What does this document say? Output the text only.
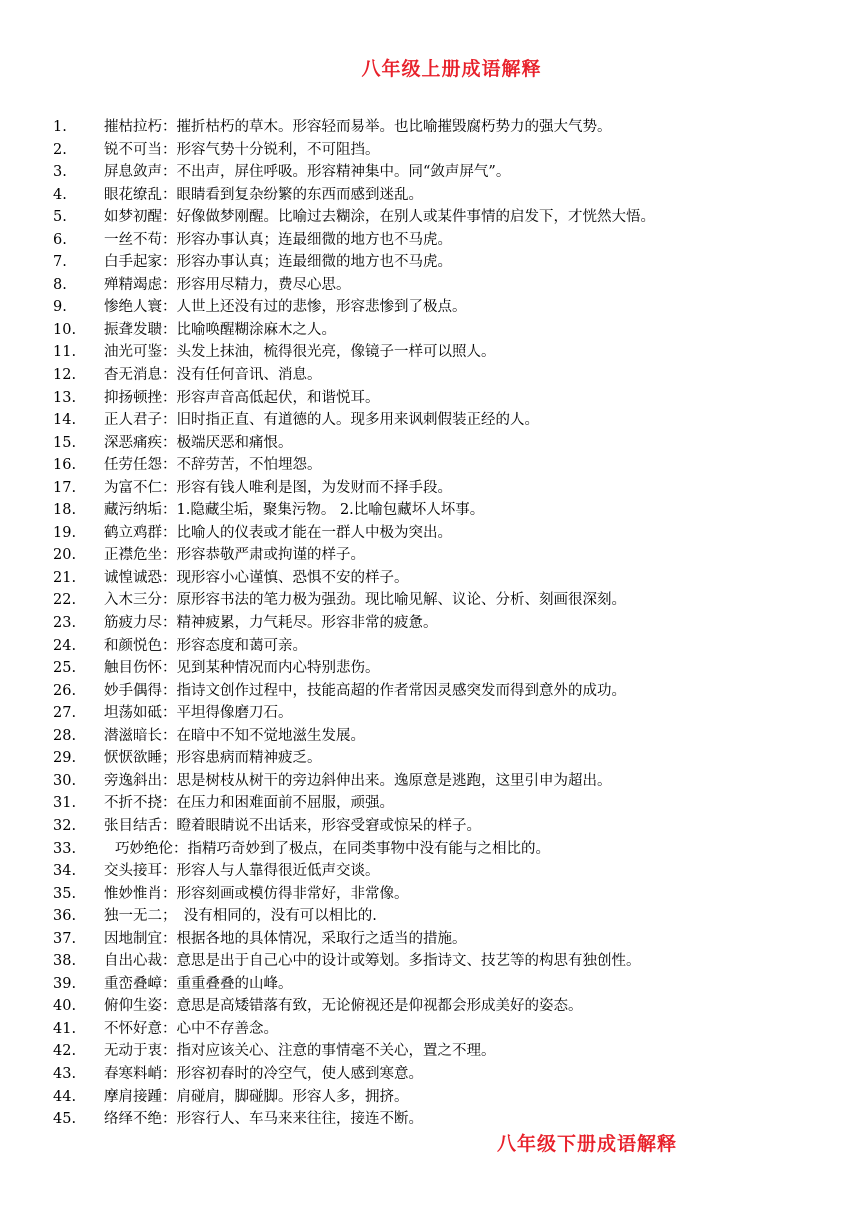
八年级上册成语解释
1.	摧枯拉朽：摧折枯朽的草木。形容轻而易举。也比喻摧毁腐朽势力的强大气势。
2.	锐不可当：形容气势十分锐利，不可阻挡。
3.	屏息敛声：不出声，屏住呼吸。形容精神集中。同“敛声屏气”。
4.	眼花缭乱：眼睛看到复杂纷繁的东西而感到迷乱。
5.	如梦初醒：好像做梦刚醒。比喻过去糊涂，在别人或某件事情的启发下，才恍然大悟。
6.	一丝不苟：形容办事认真；连最细微的地方也不马虎。
7.	白手起家：形容办事认真；连最细微的地方也不马虎。
8.	殚精竭虑：形容用尽精力，费尽心思。
9.	惨绝人寰：人世上还没有过的悲惨，形容悲惨到了极点。
10. 振聋发聩：比喻唤醒糊涂麻木之人。
11. 油光可鉴：头发上抹油，梳得很光亮，像镜子一样可以照人。
12. 杳无消息：没有任何音讯、消息。
13. 抑扬顿挫：形容声音高低起伏，和谐悦耳。
14. 正人君子：旧时指正直、有道德的人。现多用来讽刺假装正经的人。
15. 深恶痛疾：极端厌恶和痛恨。
16. 任劳任怨：不辞劳苦，不怕埋怨。
17. 为富不仁：形容有钱人唯利是图，为发财而不择手段。
18. 藏污纳垢：1.隐藏尘垢，聚集污物。 2.比喻包藏坏人坏事。
19. 鹤立鸡群：比喻人的仪表或才能在一群人中极为突出。
20. 正襟危坐：形容恭敬严肃或拘谨的样子。
21. 诚惶诚恐：现形容小心谨慎、恐惧不安的样子。
22. 入木三分：原形容书法的笔力极为强劲。现比喻见解、议论、分析、刻画很深刻。
23. 筋疲力尽：精神疲累，力气耗尽。形容非常的疲惫。
24. 和颜悦色：形容态度和蔼可亲。
25. 触目伤怀：见到某种情况而内心特别悲伤。
26. 妙手偶得：指诗文创作过程中，技能高超的作者常因灵感突发而得到意外的成功。
27. 坦荡如砥：平坦得像磨刀石。
28. 潜滋暗长：在暗中不知不觉地滋生发展。
29. 恹恹欲睡；形容患病而精神疲乏。
30. 旁逸斜出：思是树枝从树干的旁边斜伸出来。逸原意是逃跑，这里引申为超出。
31. 不折不挠：在压力和困难面前不屈服，顽强。
32. 张目结舌：瞪着眼睛说不出话来，形容受窘或惊呆的样子。
33.	巧妙绝伦：指精巧奇妙到了极点，在同类事物中没有能与之相比的。
34. 交头接耳：形容人与人靠得很近低声交谈。
35. 惟妙惟肖：形容刻画或模仿得非常好，非常像。
36. 独一无二；　没有相同的，没有可以相比的.
37. 因地制宜：根据各地的具体情况，采取行之适当的措施。
38. 自出心裁：意思是出于自己心中的设计或筹划。多指诗文、技艺等的构思有独创性。
39. 重峦叠嶂：重重叠叠的山峰。
40. 俯仰生姿：意思是高矮错落有致，无论俯视还是仰视都会形成美好的姿态。
41. 不怀好意：心中不存善念。
42. 无动于衷：指对应该关心、注意的事情毫不关心，置之不理。
43. 春寒料峭：形容初春时的冷空气，使人感到寒意。
44. 摩肩接踵：肩碰肩，脚碰脚。形容人多，拥挤。
45. 络绎不绝：形容行人、车马来来往往，接连不断。
八年级下册成语解释
